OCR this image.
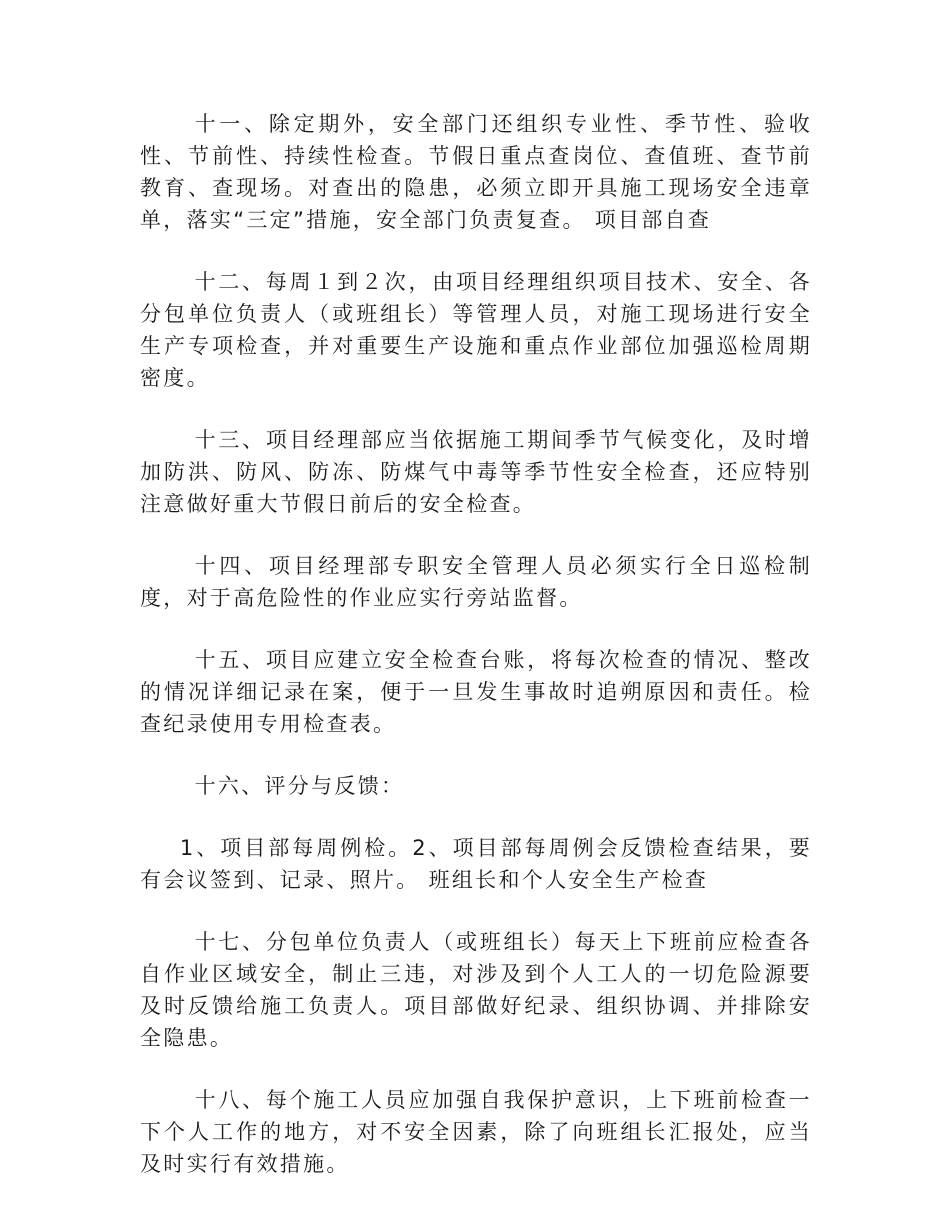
十一、除定期外，安全部门还组织专业性、季节性、验收性、节前性、持续性检查。节假日重点查岗位、查值班、查节前教育、查现场。对查出的隐患，必须立即开具施工现场安全违章单，落实“三定”措施，安全部门负责复查。 项目部自查

十二、每周１到２次，由项目经理组织项目技术、安全、各分包单位负责人（或班组长）等管理人员，对施工现场进行安全生产专项检查，并对重要生产设施和重点作业部位加强巡检周期密度。

十三、项目经理部应当依据施工期间季节气候变化，及时增加防洪、防风、防冻、防煤气中毒等季节性安全检查，还应特别注意做好重大节假日前后的安全检查。

十四、项目经理部专职安全管理人员必须实行全日巡检制度，对于高危险性的作业应实行旁站监督。

十五、项目应建立安全检查台账，将每次检查的情况、整改的情况详细记录在案，便于一旦发生事故时追朔原因和责任。检查纪录使用专用检查表。

十六、评分与反馈：

1、项目部每周例检。2、项目部每周例会反馈检查结果，要有会议签到、记录、照片。 班组长和个人安全生产检查

十七、分包单位负责人（或班组长）每天上下班前应检查各自作业区域安全，制止三违，对涉及到个人工人的一切危险源要及时反馈给施工负责人。项目部做好纪录、组织协调、并排除安全隐患。

十八、每个施工人员应加强自我保护意识，上下班前检查一下个人工作的地方，对不安全因素，除了向班组长汇报处，应当及时实行有效措施。
